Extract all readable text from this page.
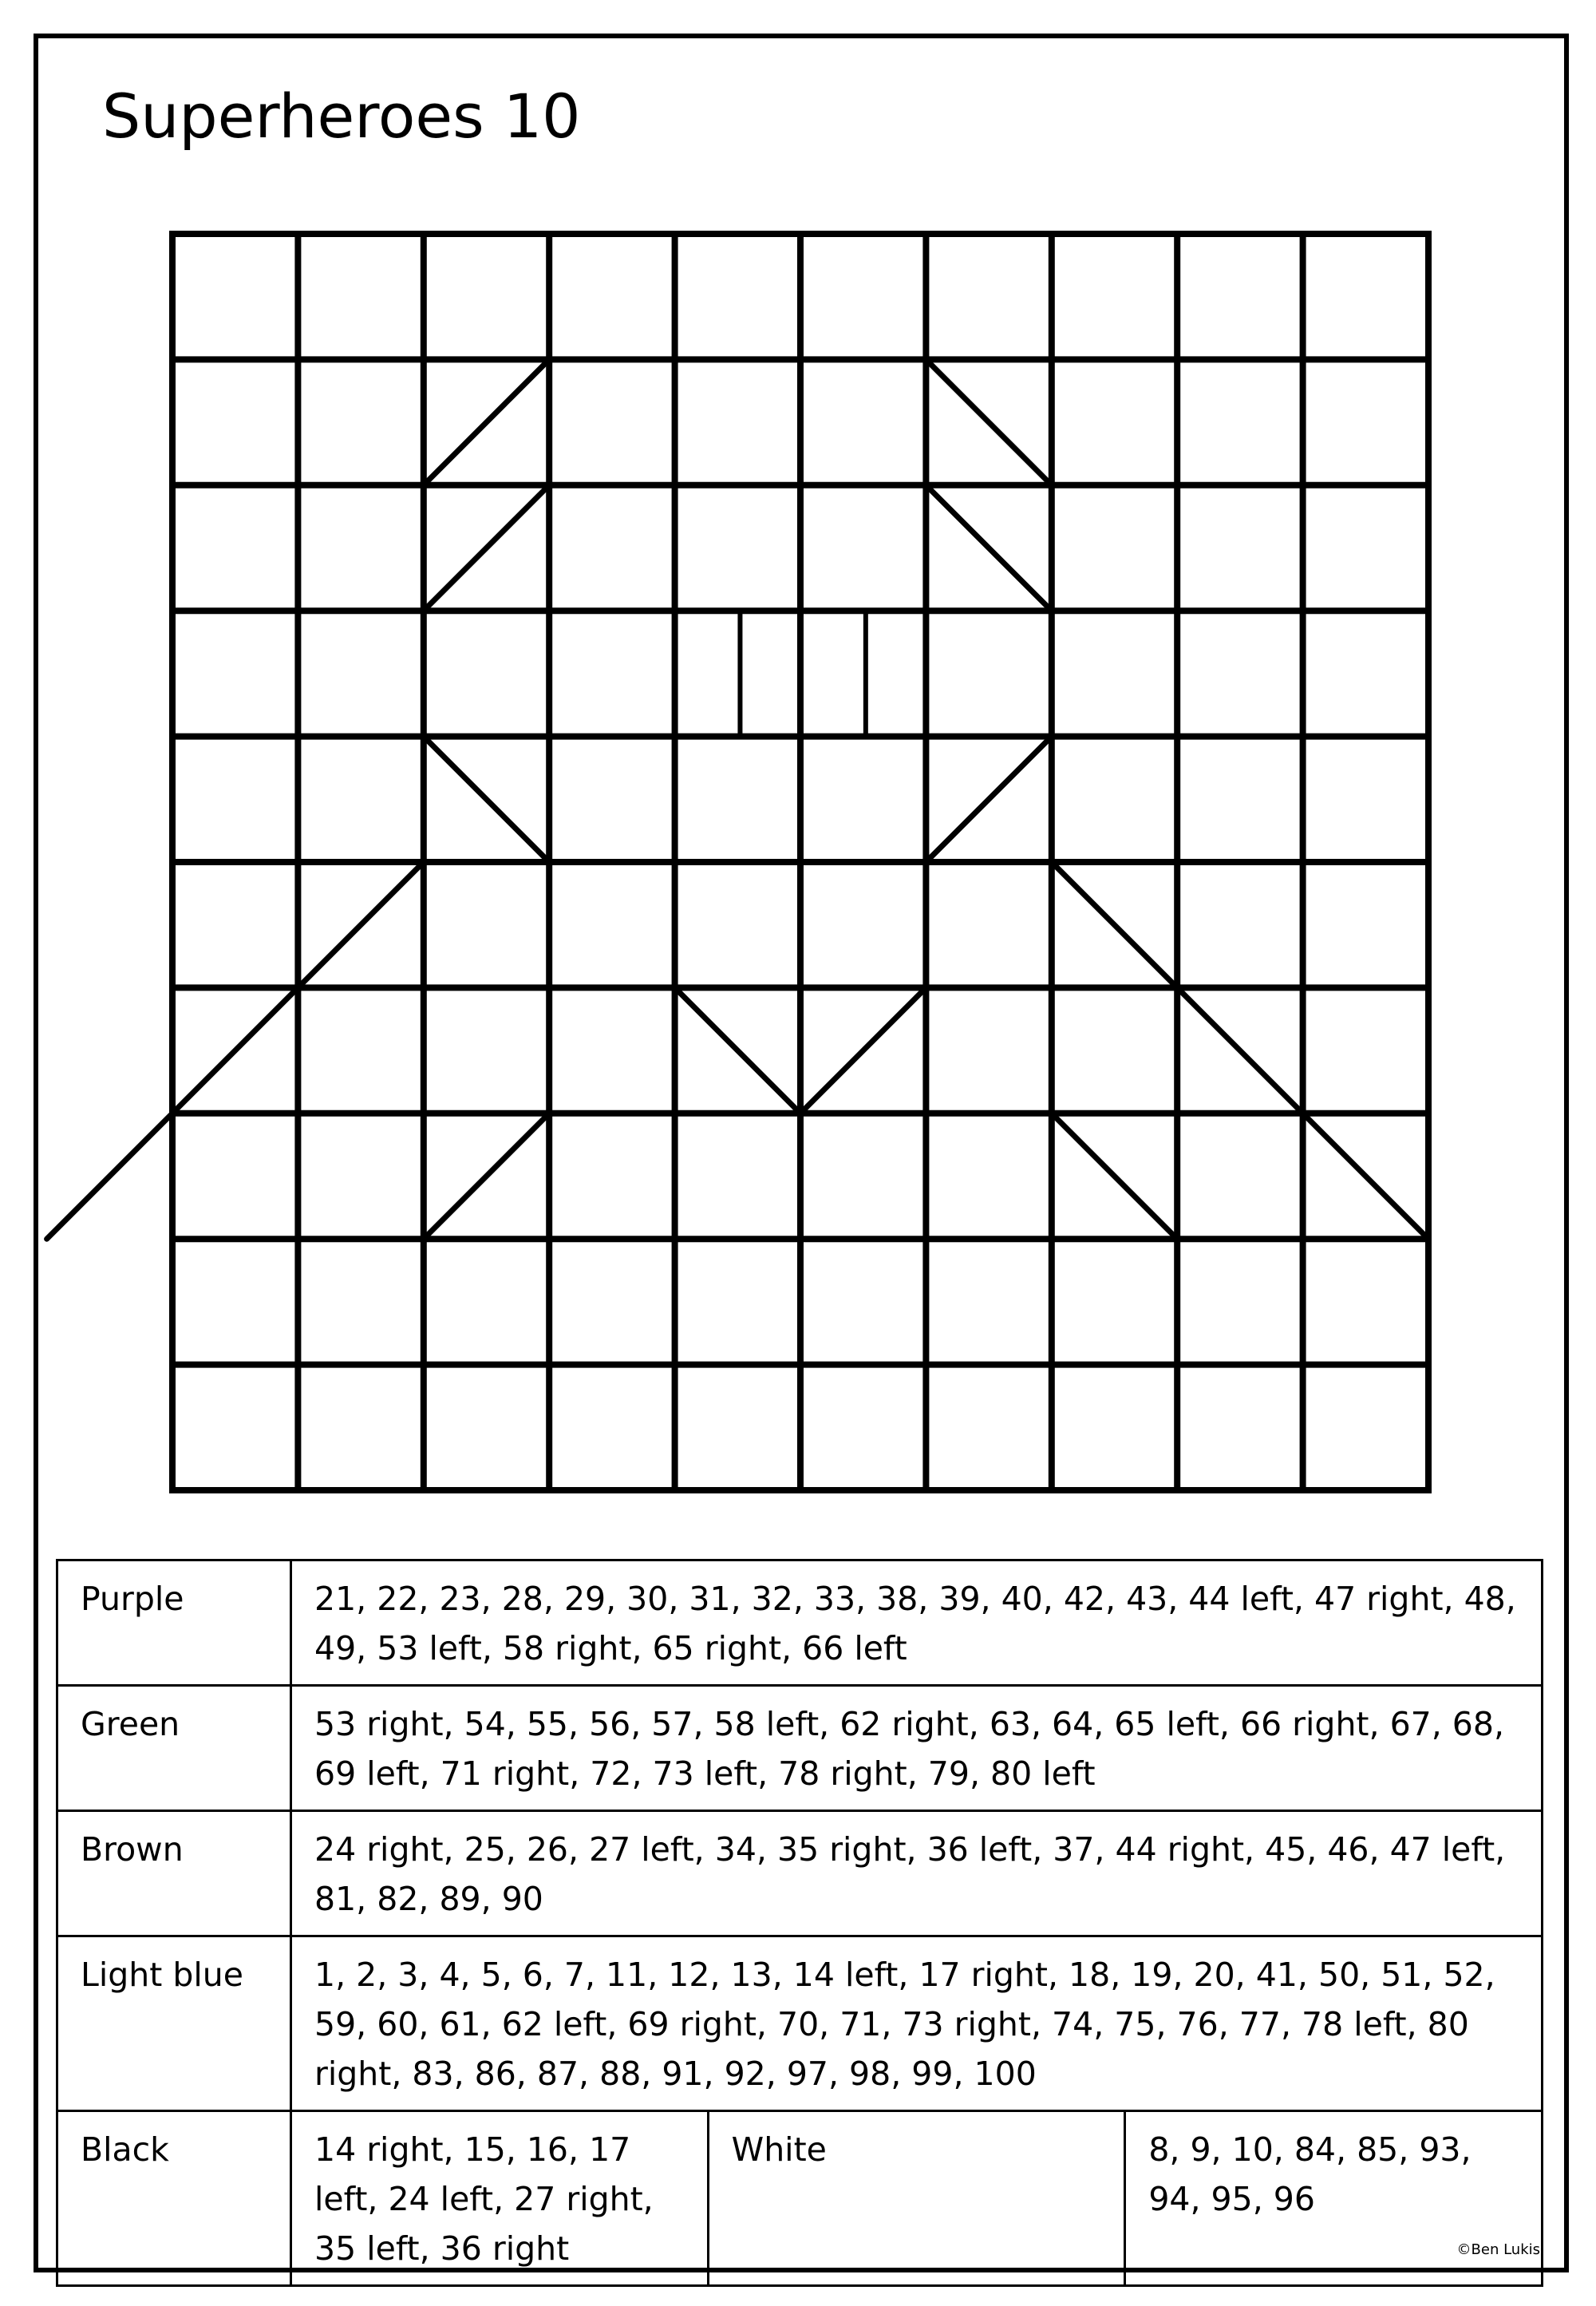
Superheroes 10
Purple	21, 22, 23, 28, 29, 30, 31, 32, 33, 38, 39, 40, 42, 43, 44 left, 47 right, 48, 49, 53 left, 58 right, 65 right, 66 left		
Green	53 right, 54, 55, 56, 57, 58 left, 62 right, 63, 64, 65 left, 66 right, 67, 68, 69 left, 71 right, 72, 73 left, 78 right, 79, 80 left		
Brown	24 right, 25, 26, 27 left, 34, 35 right, 36 left, 37, 44 right, 45, 46, 47 left, 81, 82, 89, 90		
Light blue	1, 2, 3, 4, 5, 6, 7, 11, 12, 13, 14 left, 17 right, 18, 19, 20, 41, 50, 51, 52, 59, 60, 61, 62 left, 69 right, 70, 71, 73 right, 74, 75, 76, 77, 78 left, 80 right, 83, 86, 87, 88, 91, 92, 97, 98, 99, 100		
Black	14 right, 15, 16, 17 left, 24 left, 27 right, 35 left, 36 right	White	8, 9, 10, 84, 85, 93, 94, 95, 96
©Ben Lukis
